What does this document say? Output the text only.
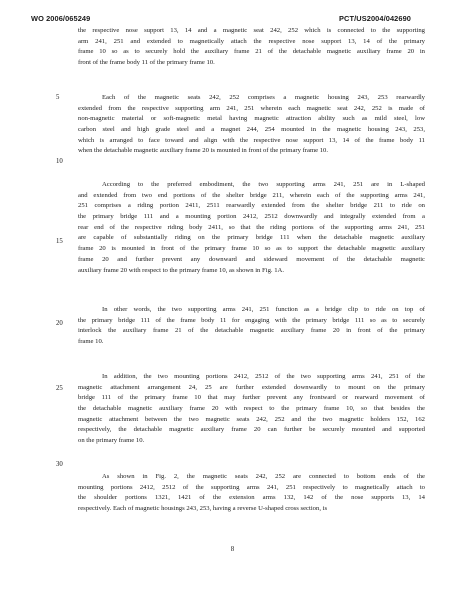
WO 2006/065249	PCT/US2004/042690
the respective nose support 13, 14 and a magnetic seat 242, 252 which is connected to the supporting
arm 241, 251 and extended to magnetically attach the respective nose support 13, 14 of the primary
frame 10 so as to securely hold the auxiliary frame 21 of the detachable magnetic auxiliary frame 20 in
front of the frame body 11 of the primary frame 10.
Each of the magnetic seats 242, 252 comprises a magnetic housing 243, 253 rearwardly
extended from the respective supporting arm 241, 251 wherein each magnetic seat 242, 252 is made of
non-magnetic material or soft-magnetic metal having magnetic attraction ability such as mild steel, low
carbon steel and high grade steel and a magnet 244, 254 mounted in the magnetic housing 243, 253,
which is arranged to face toward and align with the respective nose support 13, 14 of the frame body 11
when the detachable magnetic auxiliary frame 20 is mounted in front of the primary frame 10.
According to the preferred embodiment, the two supporting arms 241, 251 are in L-shaped
and extended from two end portions of the shelter bridge 211, wherein each of the supporting arms 241,
251 comprises a riding portion 2411, 2511 rearwardly extended from the shelter bridge 211 to ride on
the primary bridge 111 and a mounting portion 2412, 2512 downwardly and integrally extended from a
rear end of the respective riding body 2411, so that the riding portions of the supporting arms 241, 251
are capable of substantially riding on the primary bridge 111 when the detachable magnetic auxiliary
frame 20 is mounted in front of the primary frame 10 so as to support the detachable magnetic auxiliary
frame 20 and further prevent any downward and sideward movement of the detachable magnetic
auxiliary frame 20 with respect to the primary frame 10, as shown in Fig. 1A.
In other words, the two supporting arms 241, 251 function as a bridge clip to ride on top of
the primary bridge 111 of the frame body 11 for engaging with the primary bridge 111 so as to securely
interlock the auxiliary frame 21 of the detachable magnetic auxiliary frame 20 in front of the primary
frame 10.
In addition, the two mounting portions 2412, 2512 of the two supporting arms 241, 251 of the
magnetic attachment arrangement 24, 25 are further extended downwardly to mount on the primary
bridge 111 of the primary frame 10 that may further prevent any frontward or rearward movement of
the detachable magnetic auxiliary frame 20 with respect to the primary frame 10, so that besides the
magnetic attachment between the two magnetic seats 242, 252 and the two magnetic holders 152, 162
respectively, the detachable magnetic auxiliary frame 20 can further be securely mounted and supported
on the primary frame 10.
As shown in Fig. 2, the magnetic seats 242, 252 are connected to bottom ends of the
mounting portions 2412, 2512 of the supporting arms 241, 251 respectively to magnetically attach to
the shoulder portions 1321, 1421 of the extension arms 132, 142 of the nose supports 13, 14
respectively. Each of magnetic housings 243, 253, having a reverse U-shaped cross section, is
5
10
15
20
25
30
8
